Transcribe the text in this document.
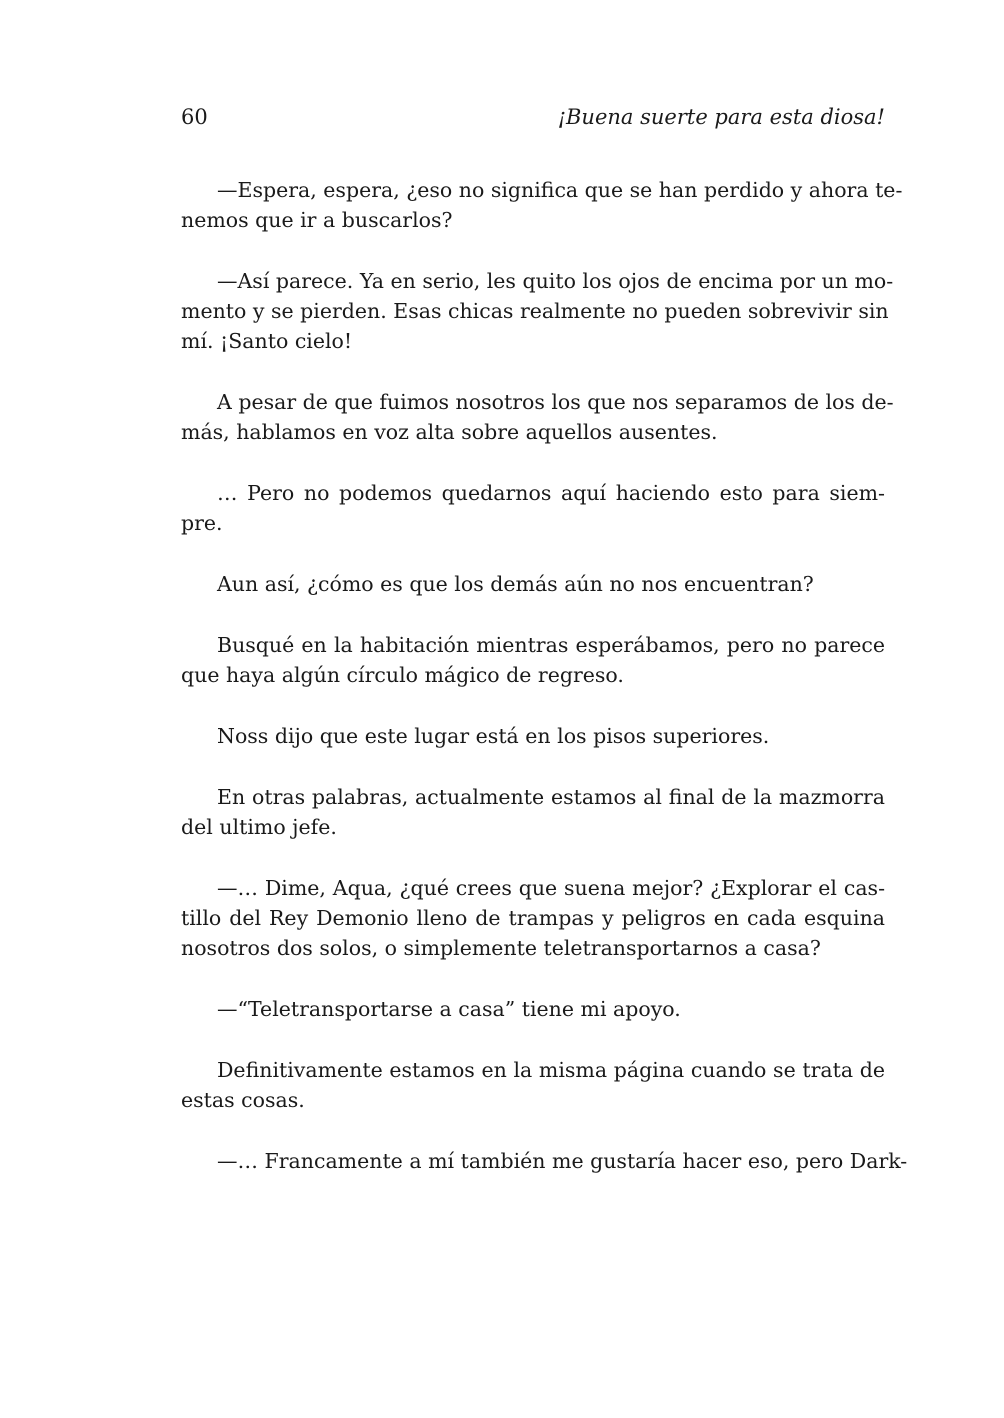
60	¡Buena suerte para esta diosa!

—Espera, espera, ¿eso no significa que se han perdido y ahora te-
nemos que ir a buscarlos?

—Así parece. Ya en serio, les quito los ojos de encima por un mo-
mento y se pierden. Esas chicas realmente no pueden sobrevivir sin
mí. ¡Santo cielo!

A pesar de que fuimos nosotros los que nos separamos de los de-
más, hablamos en voz alta sobre aquellos ausentes.

… Pero no podemos quedarnos aquí haciendo esto para siem-
pre.

Aun así, ¿cómo es que los demás aún no nos encuentran?

Busqué en la habitación mientras esperábamos, pero no parece
que haya algún círculo mágico de regreso.

Noss dijo que este lugar está en los pisos superiores.

En otras palabras, actualmente estamos al final de la mazmorra
del ultimo jefe.

—… Dime, Aqua, ¿qué crees que suena mejor? ¿Explorar el cas-
tillo del Rey Demonio lleno de trampas y peligros en cada esquina
nosotros dos solos, o simplemente teletransportarnos a casa?

—“Teletransportarse a casa” tiene mi apoyo.

Definitivamente estamos en la misma página cuando se trata de
estas cosas.

—… Francamente a mí también me gustaría hacer eso, pero Dark-
